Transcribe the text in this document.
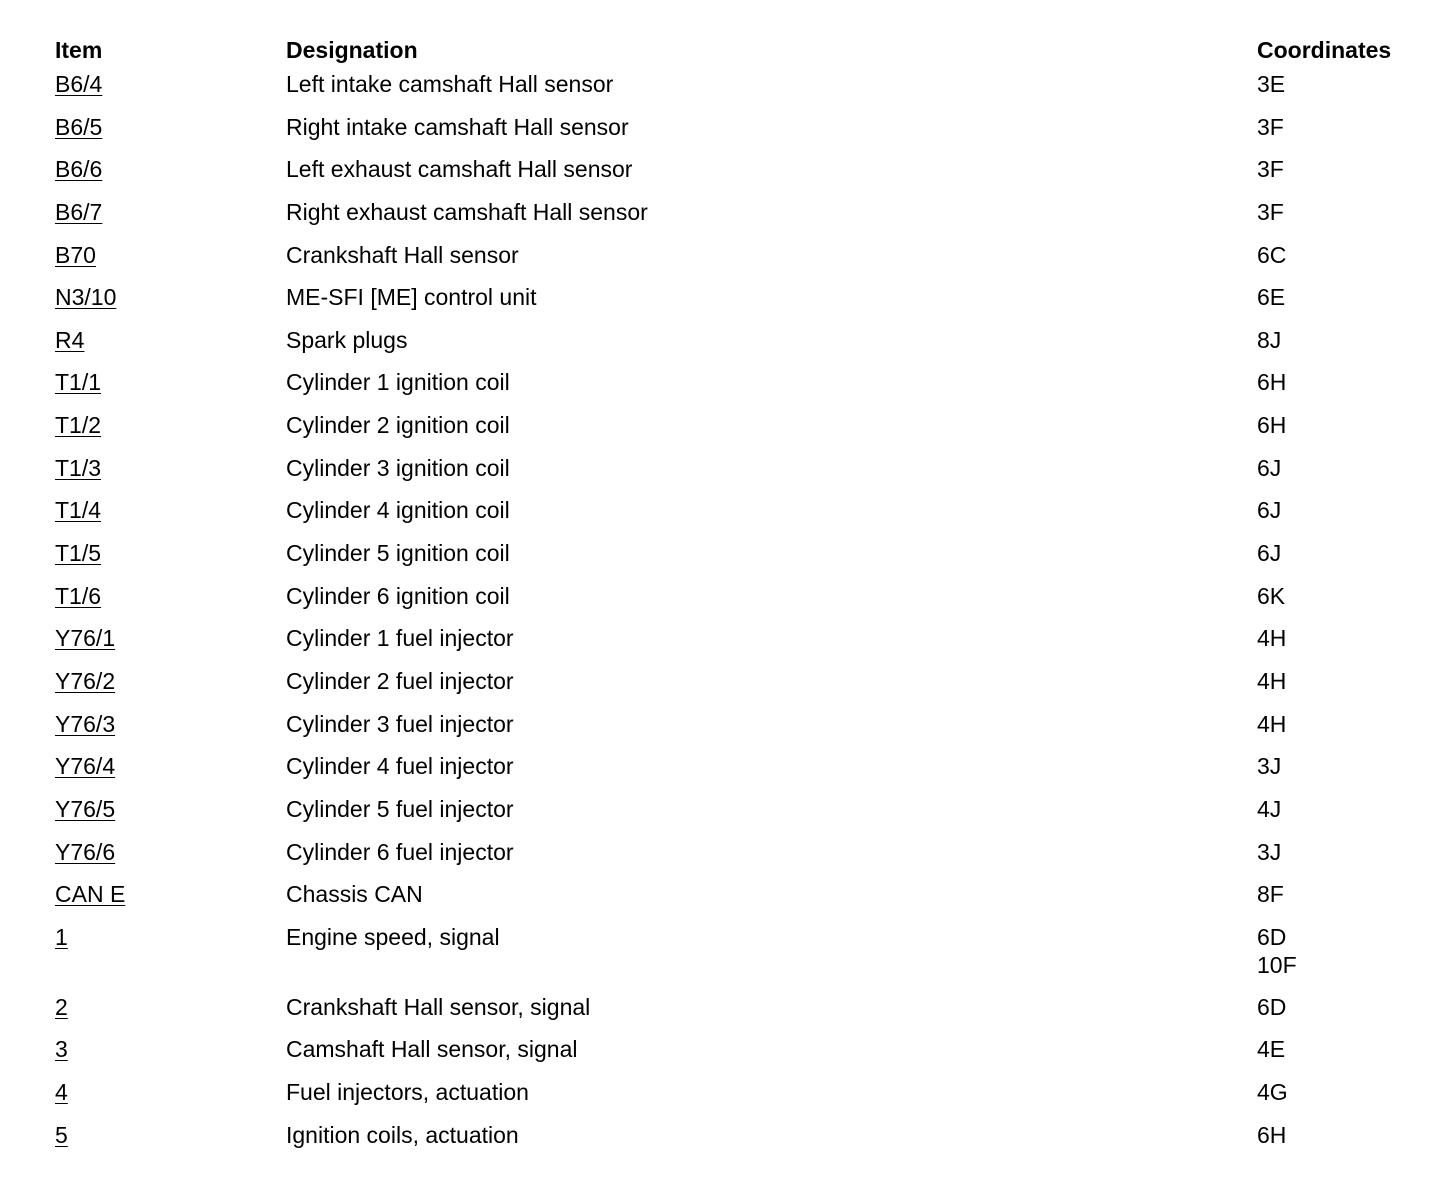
Item	Designation	Coordinates
B6/4	Left intake camshaft Hall sensor	3E
B6/5	Right intake camshaft Hall sensor	3F
B6/6	Left exhaust camshaft Hall sensor	3F
B6/7	Right exhaust camshaft Hall sensor	3F
B70	Crankshaft Hall sensor	6C
N3/10	ME-SFI [ME] control unit	6E
R4	Spark plugs	8J
T1/1	Cylinder 1 ignition coil	6H
T1/2	Cylinder 2 ignition coil	6H
T1/3	Cylinder 3 ignition coil	6J
T1/4	Cylinder 4 ignition coil	6J
T1/5	Cylinder 5 ignition coil	6J
T1/6	Cylinder 6 ignition coil	6K
Y76/1	Cylinder 1 fuel injector	4H
Y76/2	Cylinder 2 fuel injector	4H
Y76/3	Cylinder 3 fuel injector	4H
Y76/4	Cylinder 4 fuel injector	3J
Y76/5	Cylinder 5 fuel injector	4J
Y76/6	Cylinder 6 fuel injector	3J
CAN E	Chassis CAN	8F
1	Engine speed, signal	6D
10F
2	Crankshaft Hall sensor, signal	6D
3	Camshaft Hall sensor, signal	4E
4	Fuel injectors, actuation	4G
5	Ignition coils, actuation	6H
